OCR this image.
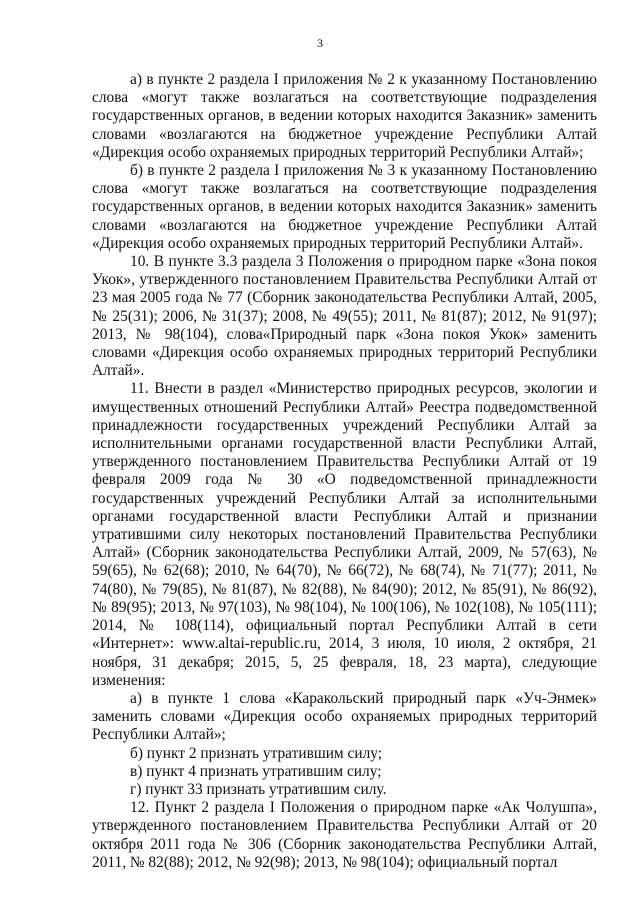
3

а) в пункте 2 раздела I приложения № 2 к указанному Постановлению слова «могут также возлагаться на соответствующие подразделения государственных органов, в ведении которых находится Заказник» заменить словами «возлагаются на бюджетное учреждение Республики Алтай «Дирекция особо охраняемых природных территорий Республики Алтай»;

б) в пункте 2 раздела I приложения № 3 к указанному Постановлению слова «могут также возлагаться на соответствующие подразделения государственных органов, в ведении которых находится Заказник» заменить словами «возлагаются на бюджетное учреждение Республики Алтай «Дирекция особо охраняемых природных территорий Республики Алтай».

10. В пункте 3.3 раздела 3 Положения о природном парке «Зона покоя Укок», утвержденного постановлением Правительства Республики Алтай от 23 мая 2005 года № 77 (Сборник законодательства Республики Алтай, 2005, № 25(31); 2006, № 31(37); 2008, № 49(55); 2011, № 81(87); 2012, № 91(97); 2013, № 98(104), слова«Природный парк «Зона покоя Укок» заменить словами «Дирекция особо охраняемых природных территорий Республики Алтай».

11. Внести в раздел «Министерство природных ресурсов, экологии и имущественных отношений Республики Алтай» Реестра подведомственной принадлежности государственных учреждений Республики Алтай за исполнительными органами государственной власти Республики Алтай, утвержденного постановлением Правительства Республики Алтай от 19 февраля 2009 года № 30 «О подведомственной принадлежности государственных учреждений Республики Алтай за исполнительными органами государственной власти Республики Алтай и признании утратившими силу некоторых постановлений Правительства Республики Алтай» (Сборник законодательства Республики Алтай, 2009, № 57(63), № 59(65), № 62(68); 2010, № 64(70), № 66(72), № 68(74), № 71(77); 2011, № 74(80), № 79(85), № 81(87), № 82(88), № 84(90); 2012, № 85(91), № 86(92), № 89(95); 2013, № 97(103), № 98(104), № 100(106), № 102(108), № 105(111); 2014, № 108(114), официальный портал Республики Алтай в сети «Интернет»: www.altai-republic.ru, 2014, 3 июля, 10 июля, 2 октября, 21 ноября, 31 декабря; 2015, 5, 25 февраля, 18, 23 марта), следующие изменения:

а) в пункте 1 слова «Каракольский природный парк «Уч-Энмек» заменить словами «Дирекция особо охраняемых природных территорий Республики Алтай»;

б) пункт 2 признать утратившим силу;

в) пункт 4 признать утратившим силу;

г) пункт 33 признать утратившим силу.

12. Пункт 2 раздела I Положения о природном парке «Ак Чолушпа», утвержденного постановлением Правительства Республики Алтай от 20 октября 2011 года № 306 (Сборник законодательства Республики Алтай, 2011, № 82(88); 2012, № 92(98); 2013, № 98(104); официальный портал
